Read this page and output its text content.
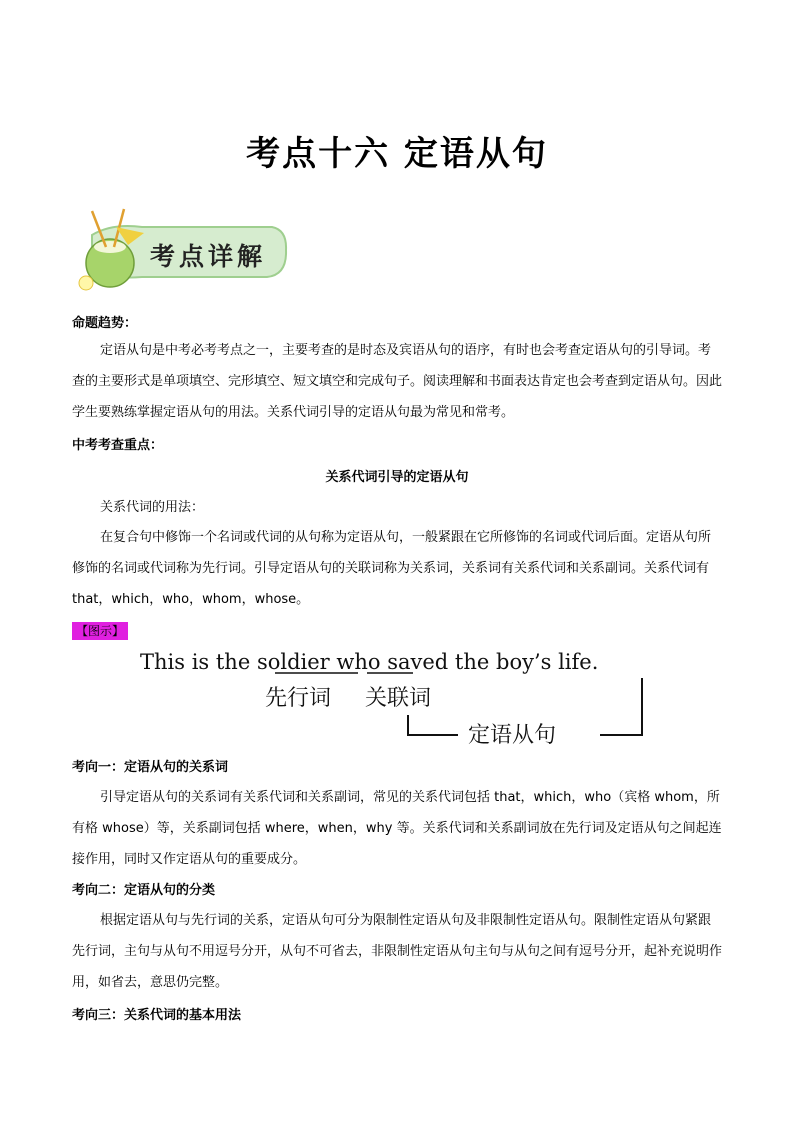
考点十六 定语从句
考点详解
命题趋势：
定语从句是中考必考考点之一，主要考查的是时态及宾语从句的语序，有时也会考查定语从句的引导词。考查的主要形式是单项填空、完形填空、短文填空和完成句子。阅读理解和书面表达肯定也会考查到定语从句。因此学生要熟练掌握定语从句的用法。关系代词引导的定语从句最为常见和常考。
中考考查重点：
关系代词引导的定语从句
关系代词的用法：
在复合句中修饰一个名词或代词的从句称为定语从句，一般紧跟在它所修饰的名词或代词后面。定语从句所修饰的名词或代词称为先行词。引导定语从句的关联词称为关系词，关系词有关系代词和关系副词。关系代词有 that，which，who，whom，whose。
【图示】
This is the soldier who saved the boy’s life.
先行词 关联词
定语从句
考向一：定语从句的关系词
引导定语从句的关系词有关系代词和关系副词，常见的关系代词包括 that，which，who（宾格 whom，所有格 whose）等，关系副词包括 where，when，why 等。关系代词和关系副词放在先行词及定语从句之间起连接作用，同时又作定语从句的重要成分。
考向二：定语从句的分类
根据定语从句与先行词的关系，定语从句可分为限制性定语从句及非限制性定语从句。限制性定语从句紧跟先行词，主句与从句不用逗号分开，从句不可省去，非限制性定语从句主句与从句之间有逗号分开，起补充说明作用，如省去，意思仍完整。
考向三：关系代词的基本用法
